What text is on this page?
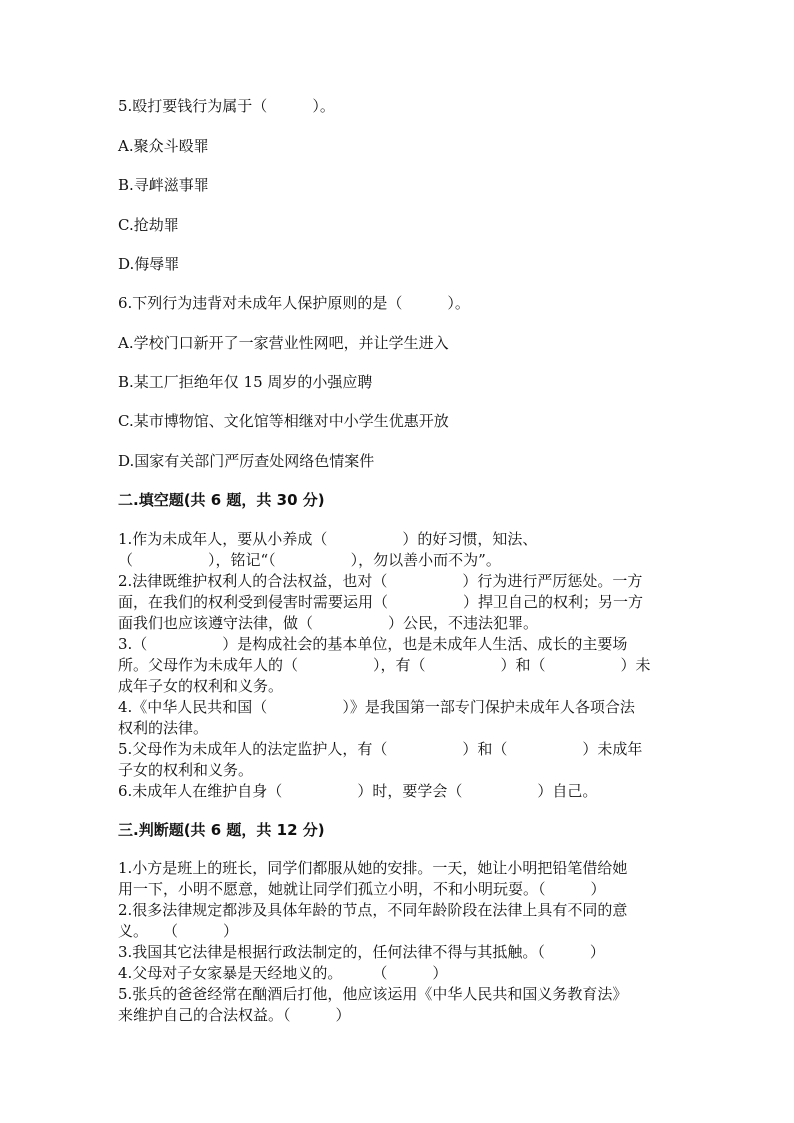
5.殴打要钱行为属于（　　　）。
A.聚众斗殴罪
B.寻衅滋事罪
C.抢劫罪
D.侮辱罪
6.下列行为违背对未成年人保护原则的是（　　　）。
A.学校门口新开了一家营业性网吧，并让学生进入
B.某工厂拒绝年仅 15 周岁的小强应聘
C.某市博物馆、文化馆等相继对中小学生优惠开放
D.国家有关部门严厉查处网络色情案件
二.填空题(共 6 题，共 30 分)
1.作为未成年人，要从小养成（　　　　　）的好习惯，知法、
（　　　　　），铭记“（　　　　　），勿以善小而不为”。
2.法律既维护权利人的合法权益，也对（　　　　　）行为进行严厉惩处。一方
面，在我们的权利受到侵害时需要运用（　　　　　）捍卫自己的权利；另一方
面我们也应该遵守法律，做（　　　　　）公民，不违法犯罪。
3.（　　　　　）是构成社会的基本单位，也是未成年人生活、成长的主要场
所。父母作为未成年人的（　　　　　），有（　　　　　）和（　　　　　）未
成年子女的权利和义务。
4.《中华人民共和国（　　　　　）》是我国第一部专门保护未成年人各项合法
权利的法律。
5.父母作为未成年人的法定监护人，有（　　　　　）和（　　　　　）未成年
子女的权利和义务。
6.未成年人在维护自身（　　　　　）时，要学会（　　　　　）自己。
三.判断题(共 6 题，共 12 分)
1.小方是班上的班长，同学们都服从她的安排。一天，她让小明把铅笔借给她
用一下，小明不愿意，她就让同学们孤立小明，不和小明玩耍。（　　　）
2.很多法律规定都涉及具体年龄的节点，不同年龄阶段在法律上具有不同的意
义。　　（　　　）
3.我国其它法律是根据行政法制定的，任何法律不得与其抵触。（　　　）
4.父母对子女家暴是天经地义的。　　　（　　　）
5.张兵的爸爸经常在酗酒后打他，他应该运用《中华人民共和国义务教育法》
来维护自己的合法权益。（　　　）
